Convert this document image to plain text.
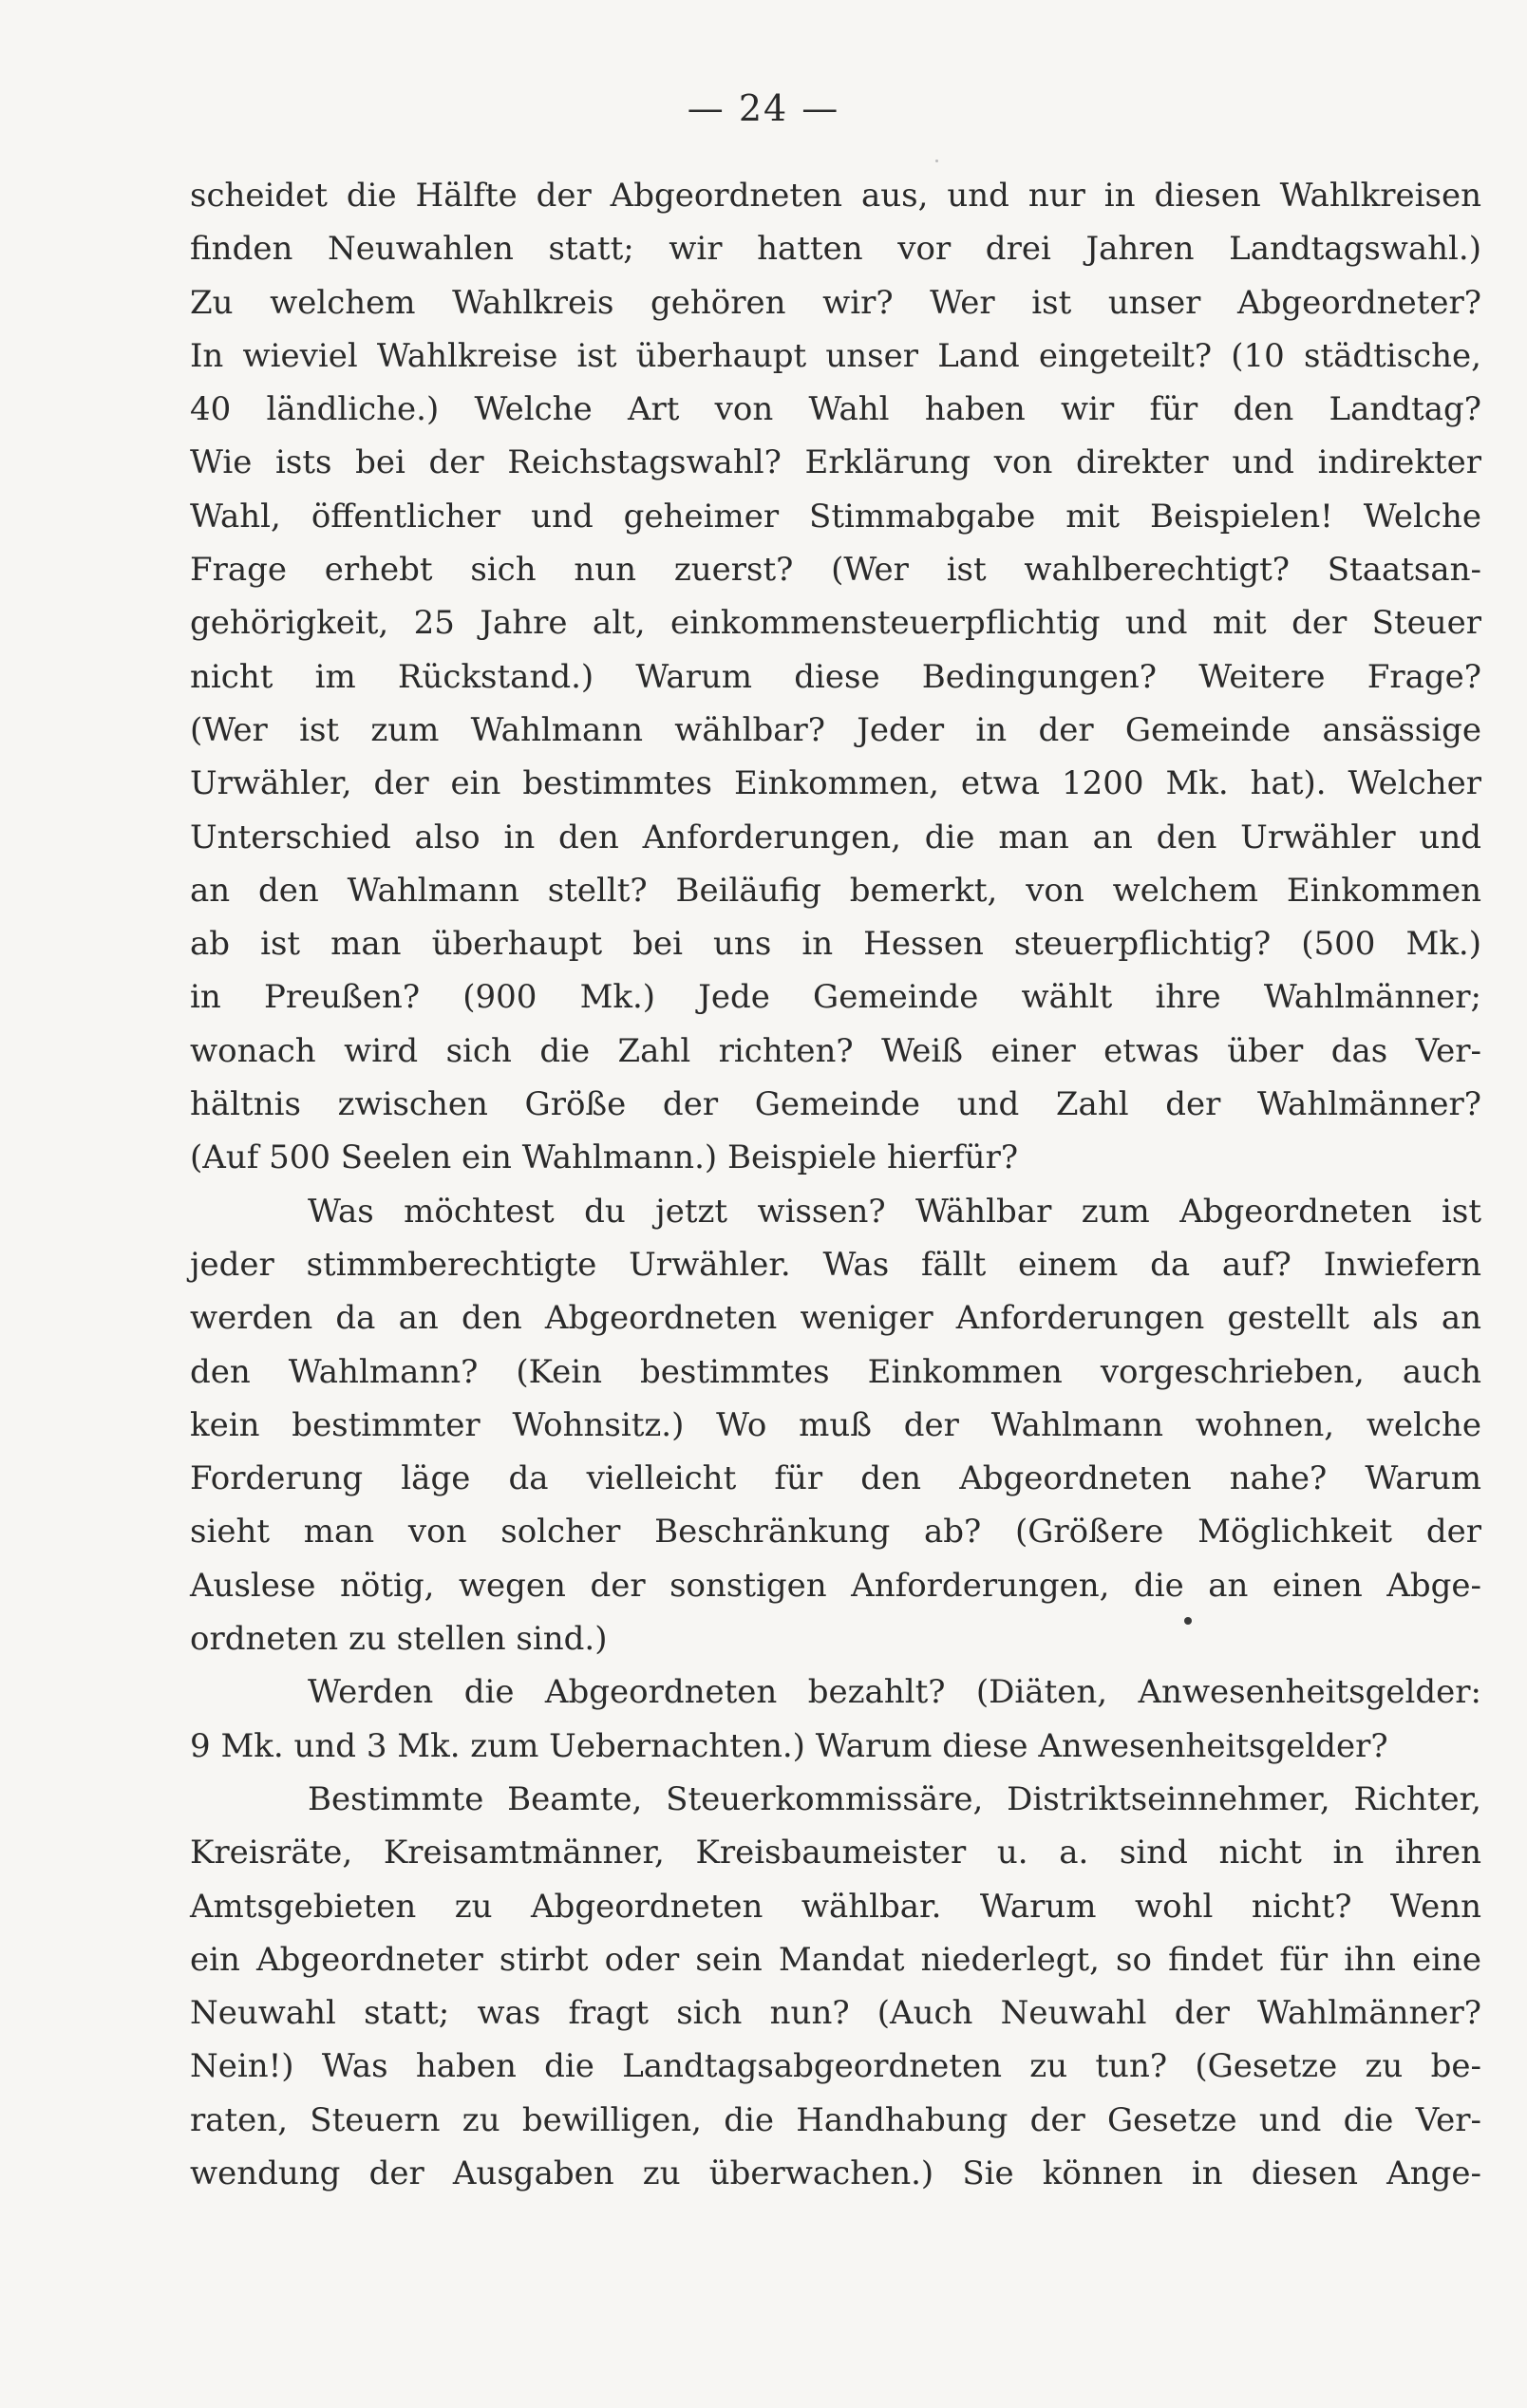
— 24 —
scheidet die Hälfte der Abgeordneten aus, und nur in diesen Wahlkreisen
finden Neuwahlen statt; wir hatten vor drei Jahren Landtagswahl.)
Zu welchem Wahlkreis gehören wir? Wer ist unser Abgeordneter?
In wieviel Wahlkreise ist überhaupt unser Land eingeteilt? (10 städtische,
40 ländliche.) Welche Art von Wahl haben wir für den Landtag?
Wie ists bei der Reichstagswahl? Erklärung von direkter und indirekter
Wahl, öffentlicher und geheimer Stimmabgabe mit Beispielen! Welche
Frage erhebt sich nun zuerst? (Wer ist wahlberechtigt? Staatsan-
gehörigkeit, 25 Jahre alt, einkommensteuerpflichtig und mit der Steuer
nicht im Rückstand.) Warum diese Bedingungen? Weitere Frage?
(Wer ist zum Wahlmann wählbar? Jeder in der Gemeinde ansässige
Urwähler, der ein bestimmtes Einkommen, etwa 1200 Mk. hat). Welcher
Unterschied also in den Anforderungen, die man an den Urwähler und
an den Wahlmann stellt? Beiläufig bemerkt, von welchem Einkommen
ab ist man überhaupt bei uns in Hessen steuerpflichtig? (500 Mk.)
in Preußen? (900 Mk.) Jede Gemeinde wählt ihre Wahlmänner;
wonach wird sich die Zahl richten? Weiß einer etwas über das Ver-
hältnis zwischen Größe der Gemeinde und Zahl der Wahlmänner?
(Auf 500 Seelen ein Wahlmann.) Beispiele hierfür?
Was möchtest du jetzt wissen? Wählbar zum Abgeordneten ist
jeder stimmberechtigte Urwähler. Was fällt einem da auf? Inwiefern
werden da an den Abgeordneten weniger Anforderungen gestellt als an
den Wahlmann? (Kein bestimmtes Einkommen vorgeschrieben, auch
kein bestimmter Wohnsitz.) Wo muß der Wahlmann wohnen, welche
Forderung läge da vielleicht für den Abgeordneten nahe? Warum
sieht man von solcher Beschränkung ab? (Größere Möglichkeit der
Auslese nötig, wegen der sonstigen Anforderungen, die an einen Abge-
ordneten zu stellen sind.)
Werden die Abgeordneten bezahlt? (Diäten, Anwesenheitsgelder:
9 Mk. und 3 Mk. zum Uebernachten.) Warum diese Anwesenheitsgelder?
Bestimmte Beamte, Steuerkommissäre, Distriktseinnehmer, Richter,
Kreisräte, Kreisamtmänner, Kreisbaumeister u. a. sind nicht in ihren
Amtsgebieten zu Abgeordneten wählbar. Warum wohl nicht? Wenn
ein Abgeordneter stirbt oder sein Mandat niederlegt, so findet für ihn eine
Neuwahl statt; was fragt sich nun? (Auch Neuwahl der Wahlmänner?
Nein!) Was haben die Landtagsabgeordneten zu tun? (Gesetze zu be-
raten, Steuern zu bewilligen, die Handhabung der Gesetze und die Ver-
wendung der Ausgaben zu überwachen.) Sie können in diesen Ange-
